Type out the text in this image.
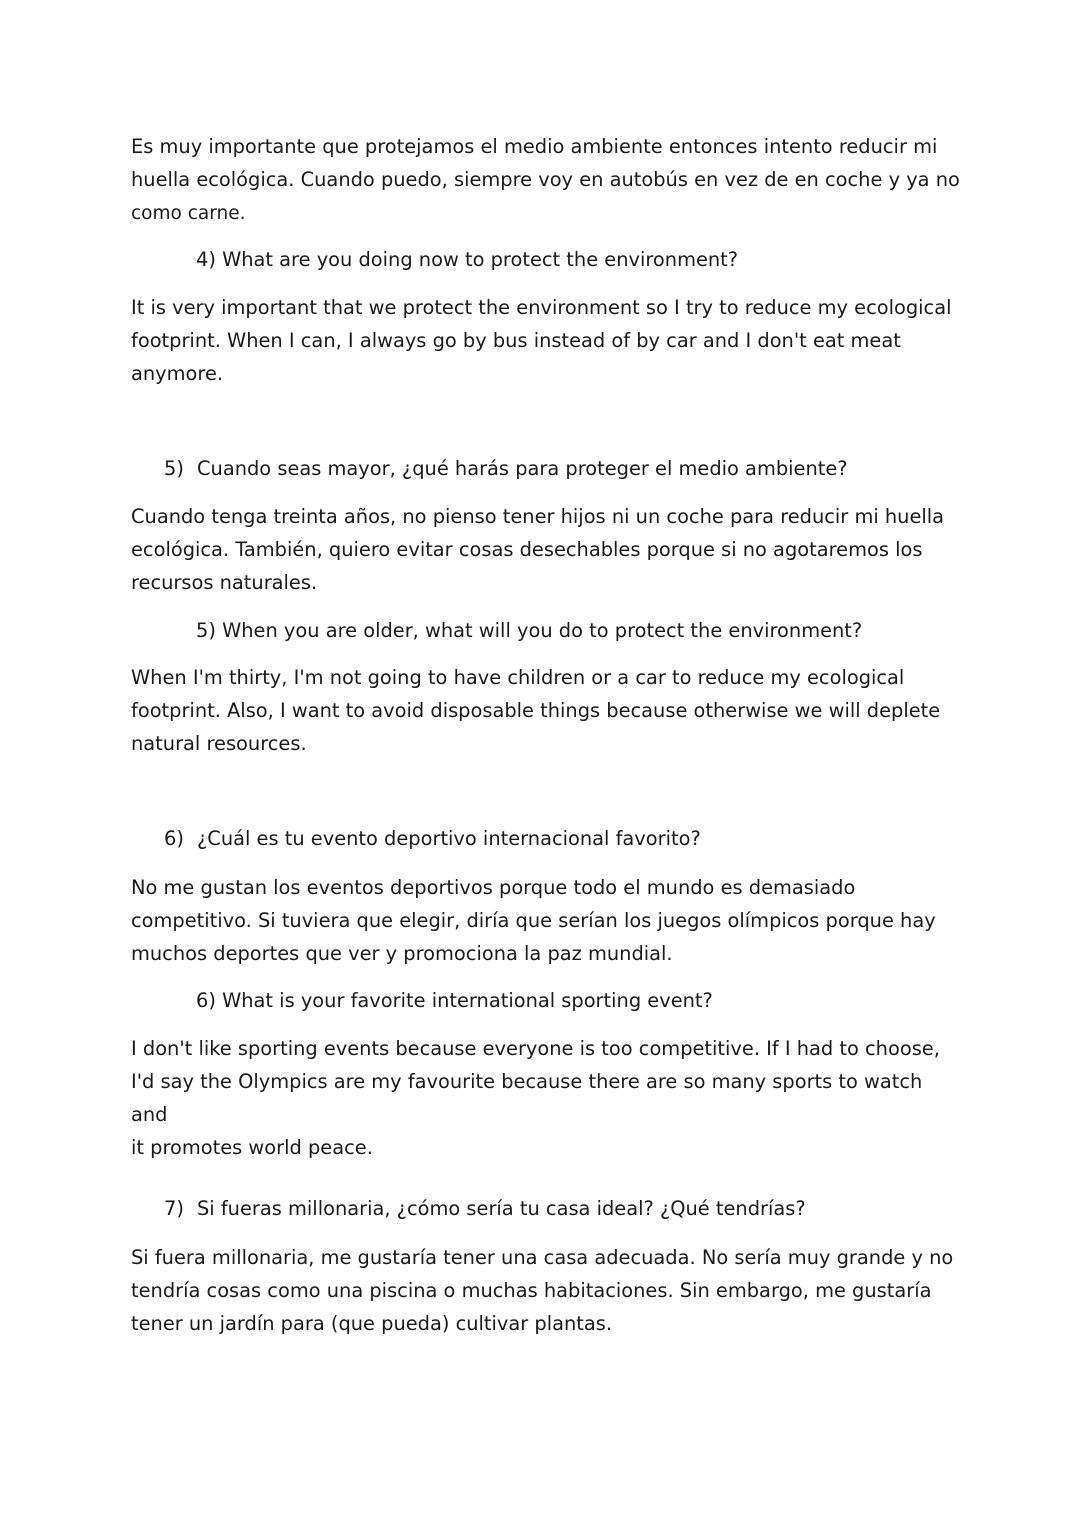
Es muy importante que protejamos el medio ambiente entonces intento reducir mi
huella ecológica. Cuando puedo, siempre voy en autobús en vez de en coche y ya no
como carne.

4) What are you doing now to protect the environment?

It is very important that we protect the environment so I try to reduce my ecological
footprint. When I can, I always go by bus instead of by car and I don't eat meat
anymore.

5) Cuando seas mayor, ¿qué harás para proteger el medio ambiente?

Cuando tenga treinta años, no pienso tener hijos ni un coche para reducir mi huella
ecológica. También, quiero evitar cosas desechables porque si no agotaremos los
recursos naturales.

5) When you are older, what will you do to protect the environment?

When I'm thirty, I'm not going to have children or a car to reduce my ecological
footprint. Also, I want to avoid disposable things because otherwise we will deplete
natural resources.

6) ¿Cuál es tu evento deportivo internacional favorito?

No me gustan los eventos deportivos porque todo el mundo es demasiado
competitivo. Si tuviera que elegir, diría que serían los juegos olímpicos porque hay
muchos deportes que ver y promociona la paz mundial.

6) What is your favorite international sporting event?

I don't like sporting events because everyone is too competitive. If I had to choose,
I'd say the Olympics are my favourite because there are so many sports to watch and
it promotes world peace.

7) Si fueras millonaria, ¿cómo sería tu casa ideal? ¿Qué tendrías?

Si fuera millonaria, me gustaría tener una casa adecuada. No sería muy grande y no
tendría cosas como una piscina o muchas habitaciones. Sin embargo, me gustaría
tener un jardín para (que pueda) cultivar plantas.
